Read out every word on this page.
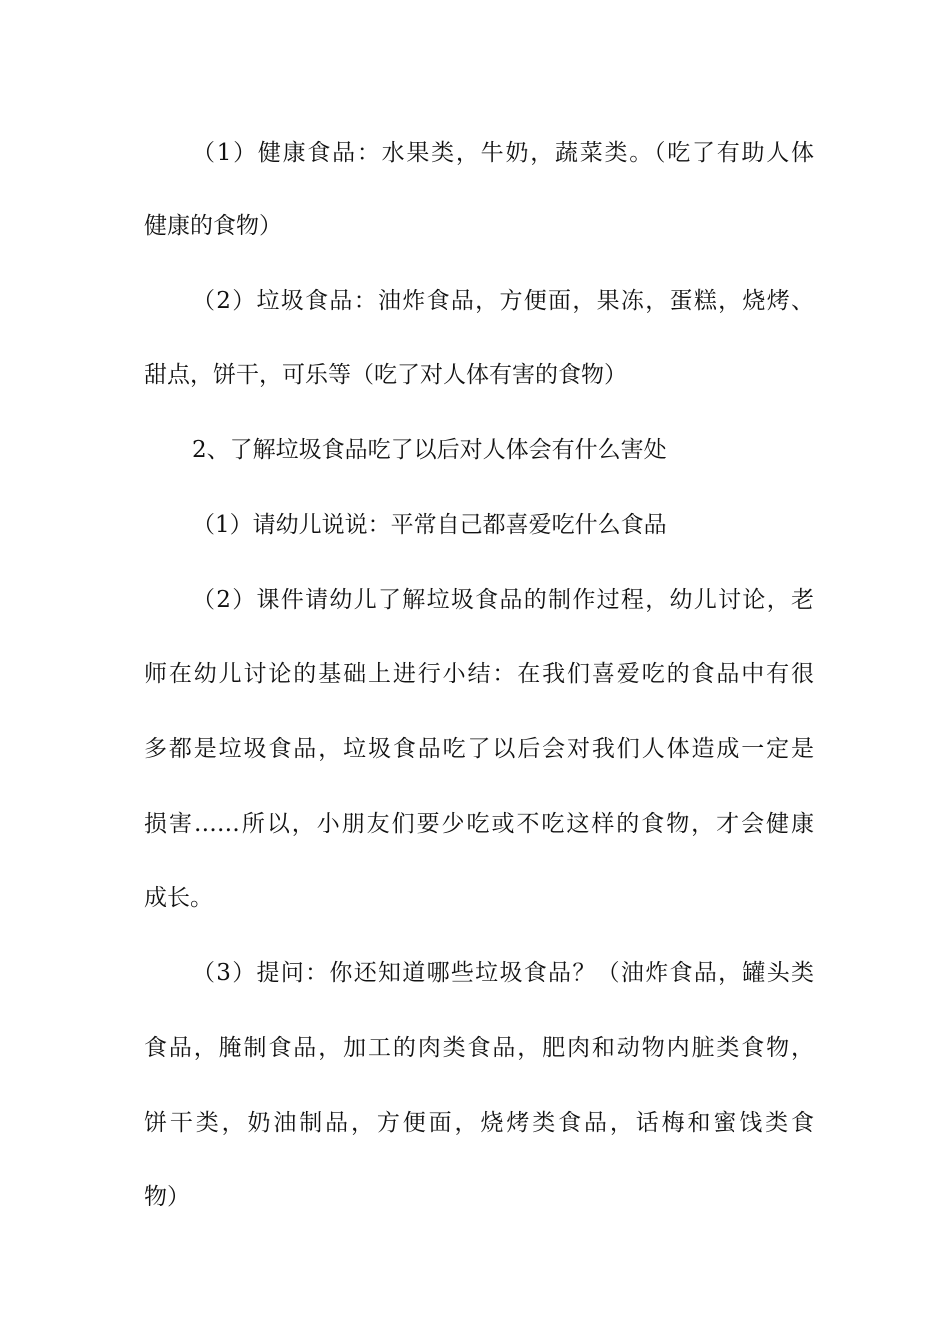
（1）健康食品：水果类，牛奶，蔬菜类。（吃了有助人体
健康的食物）
（2）垃圾食品：油炸食品，方便面，果冻，蛋糕，烧烤、
甜点，饼干，可乐等（吃了对人体有害的食物）
2、了解垃圾食品吃了以后对人体会有什么害处
（1）请幼儿说说：平常自己都喜爱吃什么食品
（2）课件请幼儿了解垃圾食品的制作过程，幼儿讨论，老
师在幼儿讨论的基础上进行小结：在我们喜爱吃的食品中有很
多都是垃圾食品，垃圾食品吃了以后会对我们人体造成一定是
损害……所以，小朋友们要少吃或不吃这样的食物，才会健康
成长。
（3）提问：你还知道哪些垃圾食品？（油炸食品，罐头类
食品，腌制食品，加工的肉类食品，肥肉和动物内脏类食物，
饼干类，奶油制品，方便面，烧烤类食品，话梅和蜜饯类食
物）
